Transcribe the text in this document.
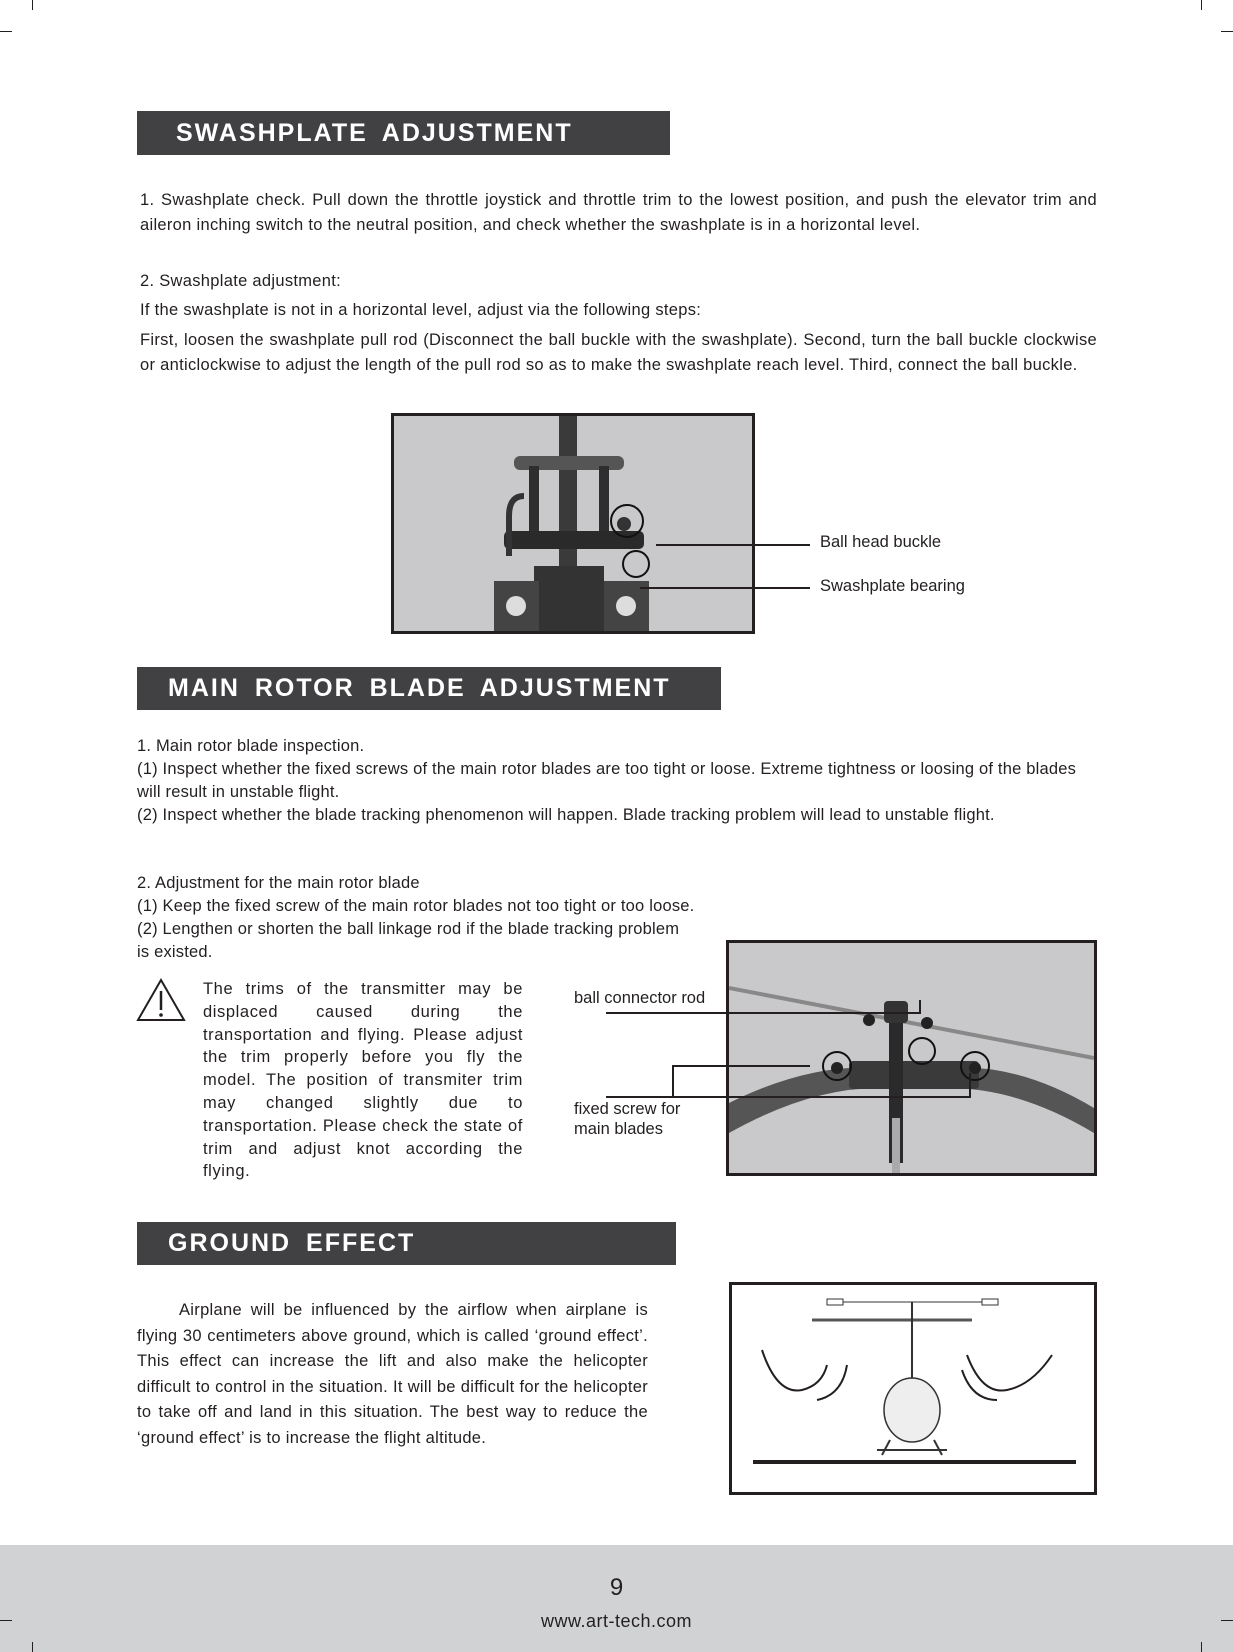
SWASHPLATE ADJUSTMENT
1. Swashplate check. Pull down the throttle joystick and throttle trim to the lowest position, and push the elevator trim and aileron inching switch to the neutral position, and check whether the swashplate is in a horizontal level.
2. Swashplate adjustment:
If the swashplate is not in a horizontal level, adjust via the following steps:
First, loosen the swashplate pull rod (Disconnect the ball buckle with the swashplate). Second, turn the ball buckle clockwise or anticlockwise to adjust the length of the pull rod so as to make the swashplate reach level. Third, connect the ball buckle.
Ball head buckle
Swashplate bearing
MAIN ROTOR BLADE ADJUSTMENT
1. Main rotor blade inspection.
(1) Inspect whether the fixed screws of the main rotor blades are too tight or loose. Extreme tightness or loosing of the blades will result in unstable flight.
(2) Inspect whether the blade tracking phenomenon will happen. Blade tracking problem will lead to unstable flight.
2. Adjustment for the main rotor blade
(1) Keep the fixed screw of the main rotor blades not too tight or too loose.
(2) Lengthen or shorten the ball linkage rod if the blade tracking problem is existed.
The trims of the transmitter may be displaced caused during the transportation and flying. Please adjust the trim properly before you fly the model. The position of transmiter trim may changed slightly due to transportation. Please check the state of trim and adjust knot according the flying.
ball connector rod
fixed screw for main blades
GROUND EFFECT
Airplane will be influenced by the airflow when airplane is flying 30 centimeters above ground, which is called ‘ground effect’. This effect can increase the lift and also make the helicopter difficult to control in the situation. It will be difficult for the helicopter to take off and land in this situation. The best way to reduce the ‘ground effect’ is to increase the flight altitude.
9
www.art-tech.com
